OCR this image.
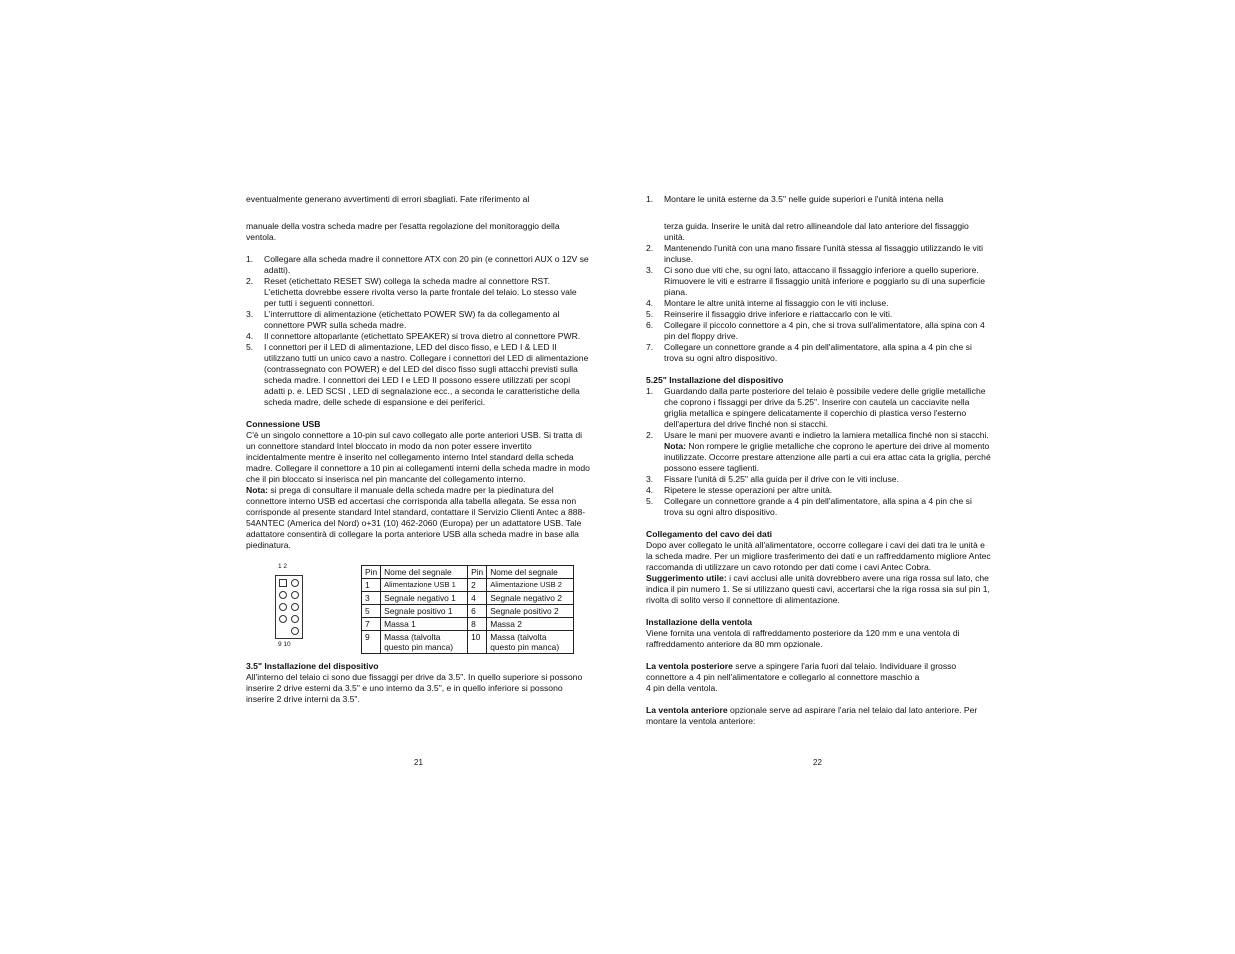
eventualmente generano avvertimenti di errori sbagliati. Fate riferimento al

manuale della vostra scheda madre per l'esatta regolazione del monitoraggio della ventola.

1. Collegare alla scheda madre il connettore ATX con 20 pin (e connettori AUX o 12V se adatti).
2. Reset (etichettato RESET SW) collega la scheda madre al connettore RST. L'etichetta dovrebbe essere rivolta verso la parte frontale del telaio. Lo stesso vale per tutti i seguenti connettori.
3. L'interruttore di alimentazione (etichettato POWER SW) fa da collegamento al connettore PWR sulla scheda madre.
4. Il connettore altoparlante (etichettato SPEAKER) si trova dietro al connettore PWR.
5. I connettori per il LED di alimentazione, LED del disco fisso, e LED I & LED II utilizzano tutti un unico cavo a nastro. Collegare i connettori del LED di alimentazione (contrassegnato con POWER) e del LED del disco fisso sugli attacchi previsti sulla scheda madre. I connettori dei LED I e LED II possono essere utilizzati per scopi adatti p. e. LED SCSI , LED di segnalazione ecc., a seconda le caratteristiche della scheda madre, delle schede di espansione e dei periferici.

Connessione USB

C'è un singolo connettore a 10-pin sul cavo collegato alle porte anteriori USB. Si tratta di un connettore standard Intel bloccato in modo da non poter essere invertito incidentalmente mentre è inserito nel collegamento interno Intel standard della scheda madre. Collegare il connettore a 10 pin ai collegamenti interni della scheda madre in modo che il pin bloccato si inserisca nel pin mancante del collegamento interno.

Nota: si prega di consultare il manuale della scheda madre per la piedinatura del connettore interno USB ed accertasi che corrisponda alla tabella allegata. Se essa non corrisponde al presente standard Intel standard, contattare il Servizio Clienti Antec a 888-54ANTEC (America del Nord) o+31 (10) 462-2060 (Europa) per un adattatore USB. Tale adattatore consentirà di collegare la porta anteriore USB alla scheda madre in base alla piedinatura.

1 2
9 10
Pin	Nome del segnale	Pin	Nome del segnale
1	Alimentazione USB 1	2	Alimentazione USB 2
3	Segnale negativo 1	4	Segnale negativo 2
5	Segnale positivo 1	6	Segnale positivo 2
7	Massa 1	8	Massa 2
9	Massa (talvolta questo pin manca)	10	Massa (talvolta questo pin manca)

3.5" Installazione del dispositivo

All'interno del telaio ci sono due fissaggi per drive da 3.5". In quello superiore si possono inserire 2 drive esterni da 3.5" e uno interno da 3.5", e in quello inferiore si possono inserire 2 drive interni da 3.5".

21
1. Montare le unità esterne da 3.5" nelle guide superiori e l'unità intena nella

terza guida. Inserire le unità dal retro allineandole dal lato anteriore del fissaggio unità.

2. Mantenendo l'unità con una mano fissare l'unità stessa al fissaggio utilizzando le viti incluse.
3. Ci sono due viti che, su ogni lato, attaccano il fissaggio inferiore a quello superiore. Rimuovere le viti e estrarre il fissaggio unità inferiore e poggiarlo su di una superficie piana.
4. Montare le altre unità interne al fissaggio con le viti incluse.
5. Reinserire il fissaggio drive inferiore e riattaccarlo con le viti.
6. Collegare il piccolo connettore a 4 pin, che si trova sull'alimentatore, alla spina con 4 pin del floppy drive.
7. Collegare un connettore grande a 4 pin dell'alimentatore, alla spina a 4 pin che si trova su ogni altro dispositivo.

5.25" Installazione del dispositivo

1. Guardando dalla parte posteriore del telaio è possibile vedere delle griglie metalliche che coprono i fissaggi per drive da 5.25". Inserire con cautela un cacciavite nella griglia metallica e spingere delicatamente il coperchio di plastica verso l'esterno dell'apertura del drive finché non si stacchi.
2. Usare le mani per muovere avanti e indietro la lamiera metallica finché non si stacchi.

Nota: Non rompere le griglie metalliche che coprono le aperture dei drive al momento inutilizzate. Occorre prestare attenzione alle parti a cui era attac cata la griglia, perché possono essere taglienti.

3. Fissare l'unità di 5.25" alla guida per il drive con le viti incluse.
4. Ripetere le stesse operazioni per altre unità.
5. Collegare un connettore grande a 4 pin dell'alimentatore, alla spina a 4 pin che si trova su ogni altro dispositivo.

Collegamento del cavo dei dati

Dopo aver collegato le unità all'alimentatore, occorre collegare i cavi dei dati tra le unità e la scheda madre. Per un migliore trasferimento dei dati e un raffreddamento migliore Antec raccomanda di utilizzare un cavo rotondo per dati come i cavi Antec Cobra. Suggerimento utile: i cavi acclusi alle unità dovrebbero avere una riga rossa sul lato, che indica il pin numero 1. Se si utilizzano questi cavi, accertarsi che la riga rossa sia sul pin 1, rivolta di solito verso il connettore di alimentazione.

Installazione della ventola

Viene fornita una ventola di raffreddamento posteriore da 120 mm e una ventola di raffreddamento anteriore da 80 mm opzionale.

La ventola posteriore serve a spingere l'aria fuori dal telaio. Individuare il grosso connettore a 4 pin nell'alimentatore e collegarlo al connettore maschio a

4 pin della ventola.

La ventola anteriore opzionale serve ad aspirare l'aria nel telaio dal lato anteriore. Per montare la ventola anteriore:

22
